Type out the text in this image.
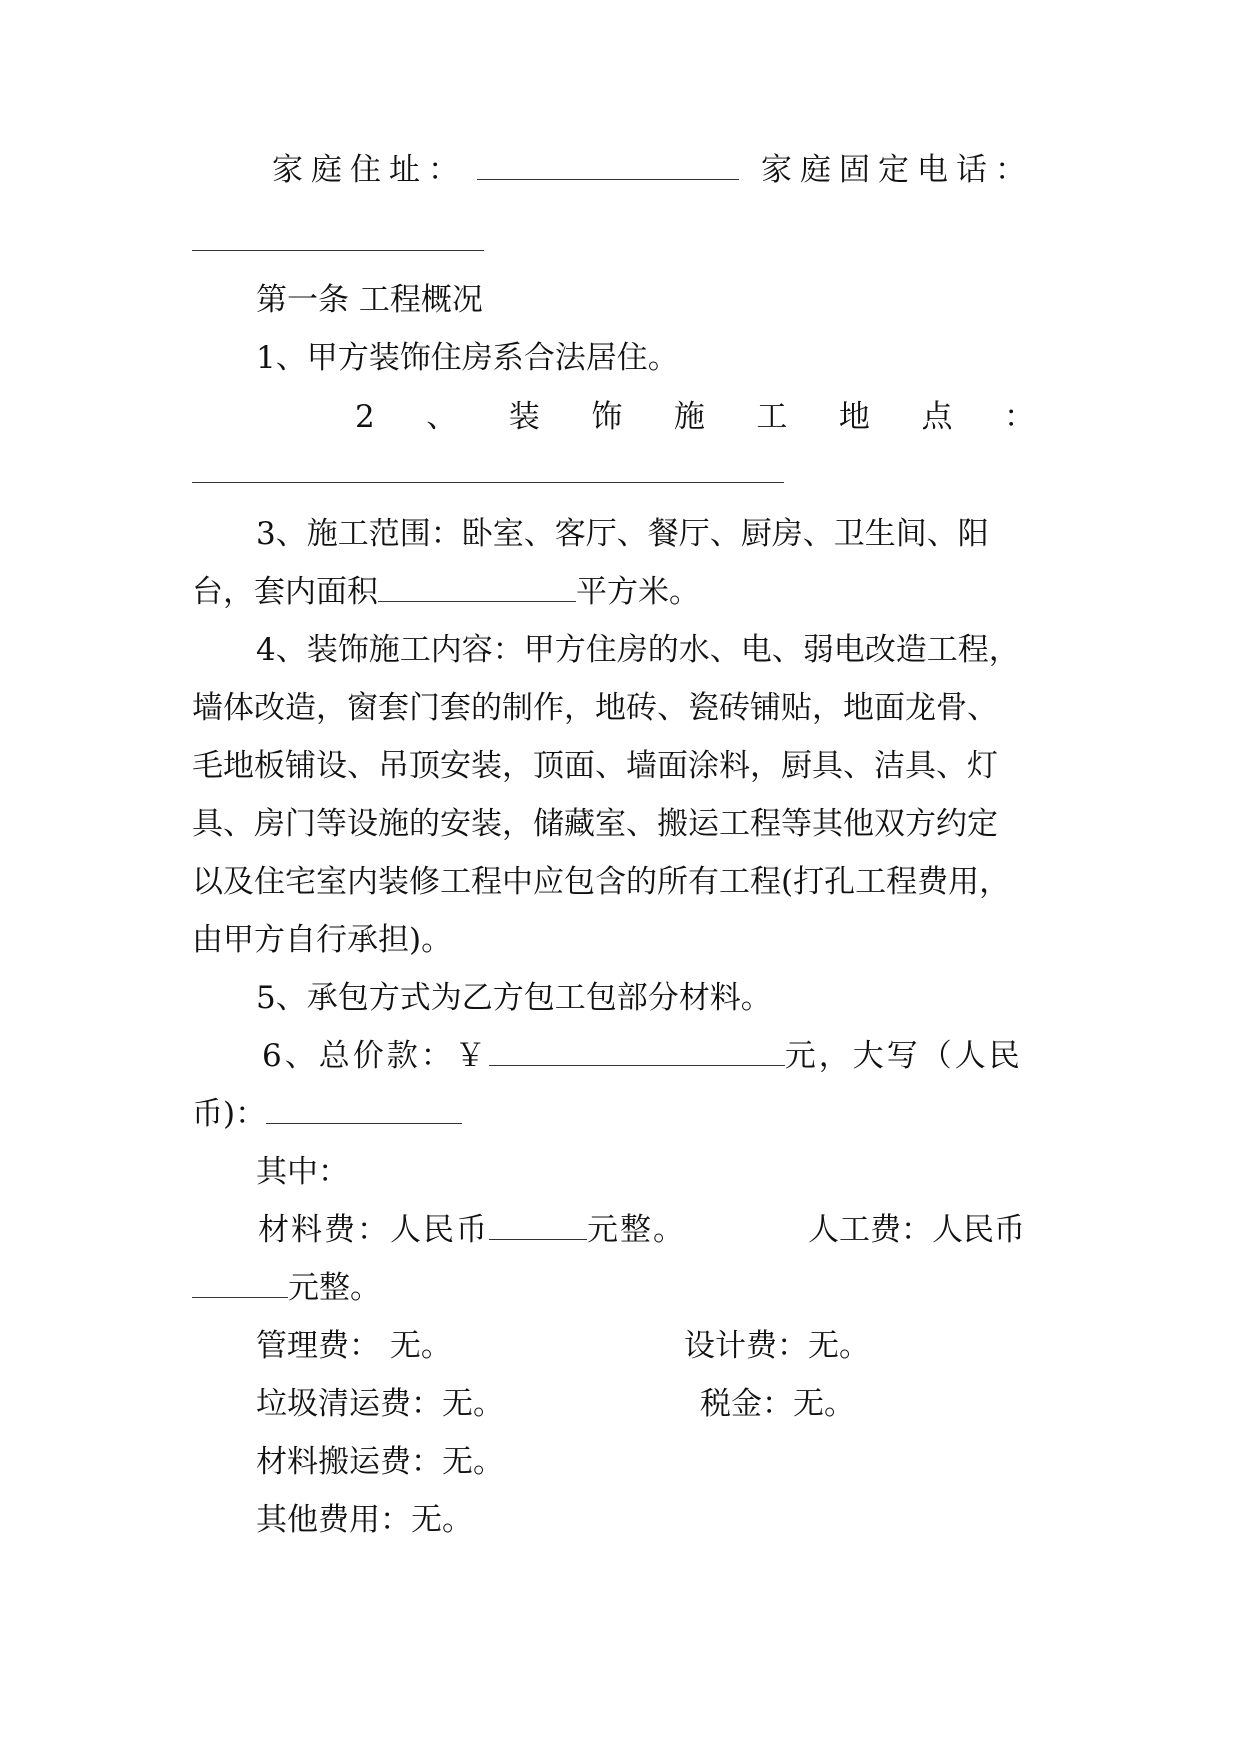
家庭住址：	家庭固定电话：
第一条 工程概况
1、甲方装饰住房系合法居住。
2 、 装 饰 施 工 地 点 ：
3、施工范围：卧室、客厅、餐厅、厨房、卫生间、阳
台，套内面积	平方米。
4、装饰施工内容：甲方住房的水、电、弱电改造工程，
墙体改造，窗套门套的制作，地砖、瓷砖铺贴，地面龙骨、
毛地板铺设、吊顶安装，顶面、墙面涂料，厨具、洁具、灯
具、房门等设施的安装，储藏室、搬运工程等其他双方约定
以及住宅室内装修工程中应包含的所有工程(打孔工程费用，
由甲方自行承担)。
5、承包方式为乙方包工包部分材料。
6、总价款：￥	元，大写（人民
币)：
其中：
材料费：人民币	元整。	人工费：人民币
元整。
管理费： 无。	设计费：无。
垃圾清运费：无。	税金：无。
材料搬运费：无。
其他费用：无。
